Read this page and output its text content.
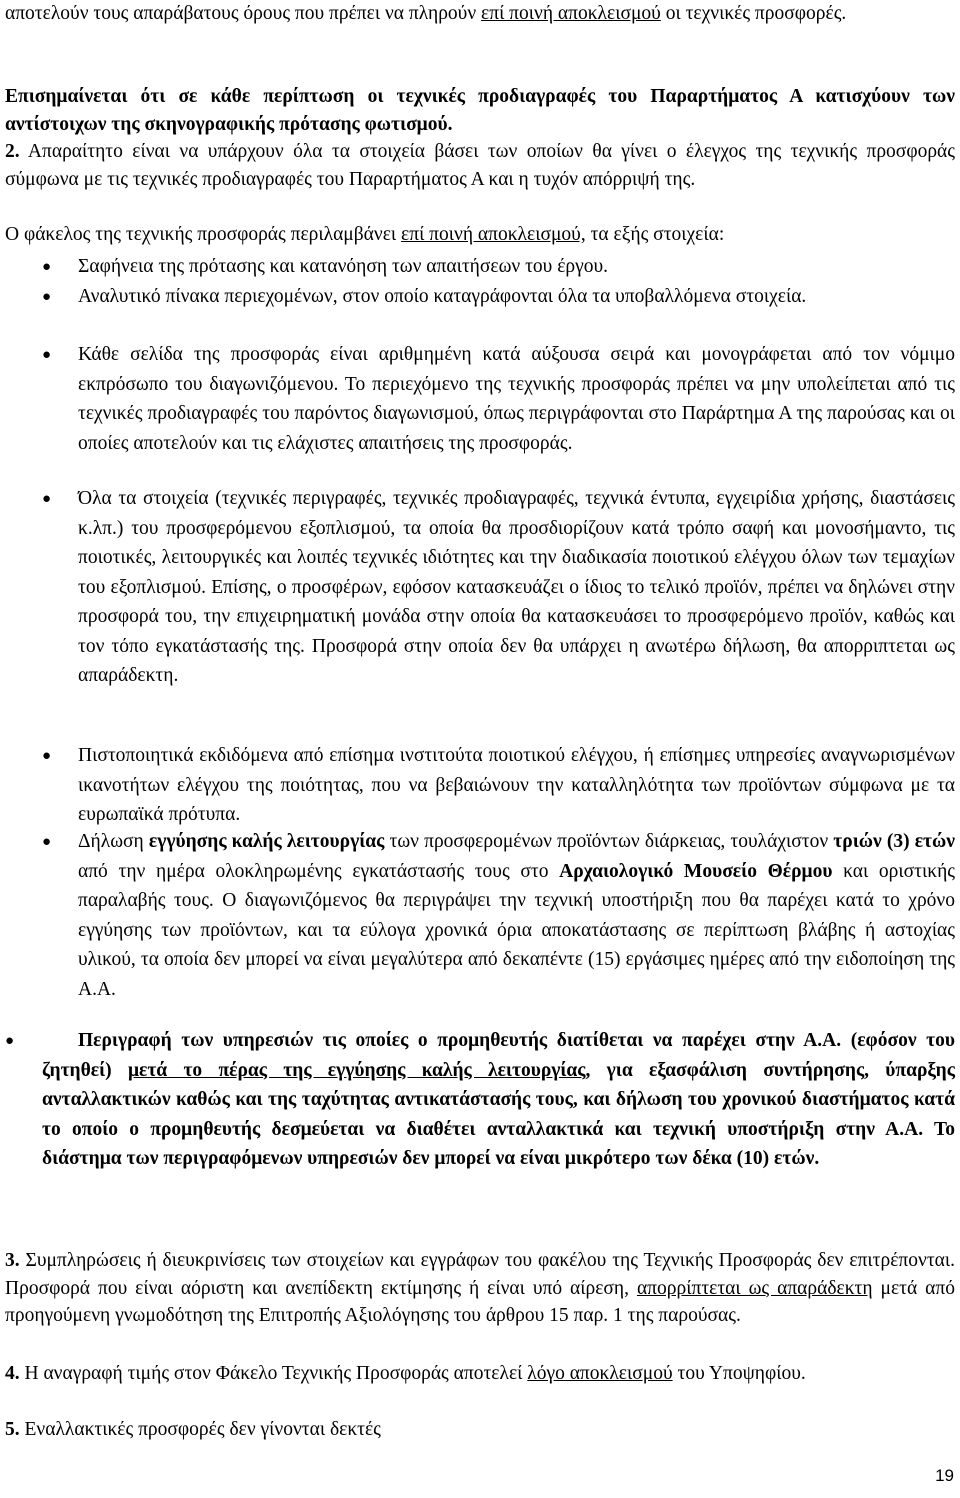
αποτελούν τους απαράβατους όρους που πρέπει να πληρούν επί ποινή αποκλεισμού οι τεχνικές προσφορές.

Επισημαίνεται ότι σε κάθε περίπτωση οι τεχνικές προδιαγραφές του Παραρτήματος Α κατισχύουν των αντίστοιχων της σκηνογραφικής πρότασης φωτισμού.

2. Απαραίτητο είναι να υπάρχουν όλα τα στοιχεία βάσει των οποίων θα γίνει ο έλεγχος της τεχνικής προσφοράς σύμφωνα με τις τεχνικές προδιαγραφές του Παραρτήματος Α και η τυχόν απόρριψή της.

Ο φάκελος της τεχνικής προσφοράς περιλαμβάνει επί ποινή αποκλεισμού, τα εξής στοιχεία:

● Σαφήνεια της πρότασης και κατανόηση των απαιτήσεων του έργου.

● Αναλυτικό πίνακα περιεχομένων, στον οποίο καταγράφονται όλα τα υποβαλλόμενα στοιχεία.

● Κάθε σελίδα της προσφοράς είναι αριθμημένη κατά αύξουσα σειρά και μονογράφεται από τον νόμιμο εκπρόσωπο του διαγωνιζόμενου. Το περιεχόμενο της τεχνικής προσφοράς πρέπει να μην υπολείπεται από τις τεχνικές προδιαγραφές του παρόντος διαγωνισμού, όπως περιγράφονται στο Παράρτημα Α της παρούσας και οι οποίες αποτελούν και τις ελάχιστες απαιτήσεις της προσφοράς.

● Όλα τα στοιχεία (τεχνικές περιγραφές, τεχνικές προδιαγραφές, τεχνικά έντυπα, εγχειρίδια χρήσης, διαστάσεις κ.λπ.) του προσφερόμενου εξοπλισμού, τα οποία θα προσδιορίζουν κατά τρόπο σαφή και μονοσήμαντο, τις ποιοτικές, λειτουργικές και λοιπές τεχνικές ιδιότητες και την διαδικασία ποιοτικού ελέγχου όλων των τεμαχίων του εξοπλισμού. Επίσης, ο προσφέρων, εφόσον κατασκευάζει ο ίδιος το τελικό προϊόν, πρέπει να δηλώνει στην προσφορά του, την επιχειρηματική μονάδα στην οποία θα κατασκευάσει το προσφερόμενο προϊόν, καθώς και τον τόπο εγκατάστασής της. Προσφορά στην οποία δεν θα υπάρχει η ανωτέρω δήλωση, θα απορριπτεται ως απαράδεκτη.

● Πιστοποιητικά εκδιδόμενα από επίσημα ινστιτούτα ποιοτικού ελέγχου, ή επίσημες υπηρεσίες αναγνωρισμένων ικανοτήτων ελέγχου της ποιότητας, που να βεβαιώνουν την καταλληλότητα των προϊόντων σύμφωνα με τα ευρωπαϊκά πρότυπα.

● Δήλωση εγγύησης καλής λειτουργίας των προσφερομένων προϊόντων διάρκειας, τουλάχιστον τριών (3) ετών από την ημέρα ολοκληρωμένης εγκατάστασής τους στο Αρχαιολογικό Μουσείο Θέρμου και οριστικής παραλαβής τους. Ο διαγωνιζόμενος θα περιγράψει την τεχνική υποστήριξη που θα παρέχει κατά το χρόνο εγγύησης των προϊόντων, και τα εύλογα χρονικά όρια αποκατάστασης σε περίπτωση βλάβης ή αστοχίας υλικού, τα οποία δεν μπορεί να είναι μεγαλύτερα από δεκαπέντε (15) εργάσιμες ημέρες από την ειδοποίηση της Α.Α.

●	Περιγραφή των υπηρεσιών τις οποίες ο προμηθευτής διατίθεται να παρέχει στην Α.Α. (εφόσον του ζητηθεί) μετά το πέρας της εγγύησης καλής λειτουργίας, για εξασφάλιση συντήρησης, ύπαρξης ανταλλακτικών καθώς και της ταχύτητας αντικατάστασής τους, και δήλωση του χρονικού διαστήματος κατά το οποίο ο προμηθευτής δεσμεύεται να διαθέτει ανταλλακτικά και τεχνική υποστήριξη στην Α.Α. Το διάστημα των περιγραφόμενων υπηρεσιών δεν μπορεί να είναι μικρότερο των δέκα (10) ετών.

3. Συμπληρώσεις ή διευκρινίσεις των στοιχείων και εγγράφων του φακέλου της Τεχνικής Προσφοράς δεν επιτρέπονται. Προσφορά που είναι αόριστη και ανεπίδεκτη εκτίμησης ή είναι υπό αίρεση, απορρίπτεται ως απαράδεκτη μετά από προηγούμενη γνωμοδότηση της Επιτροπής Αξιολόγησης του άρθρου 15 παρ. 1 της παρούσας.

4. Η αναγραφή τιμής στον Φάκελο Τεχνικής Προσφοράς αποτελεί λόγο αποκλεισμού του Υποψηφίου.

5. Εναλλακτικές προσφορές δεν γίνονται δεκτές

19
